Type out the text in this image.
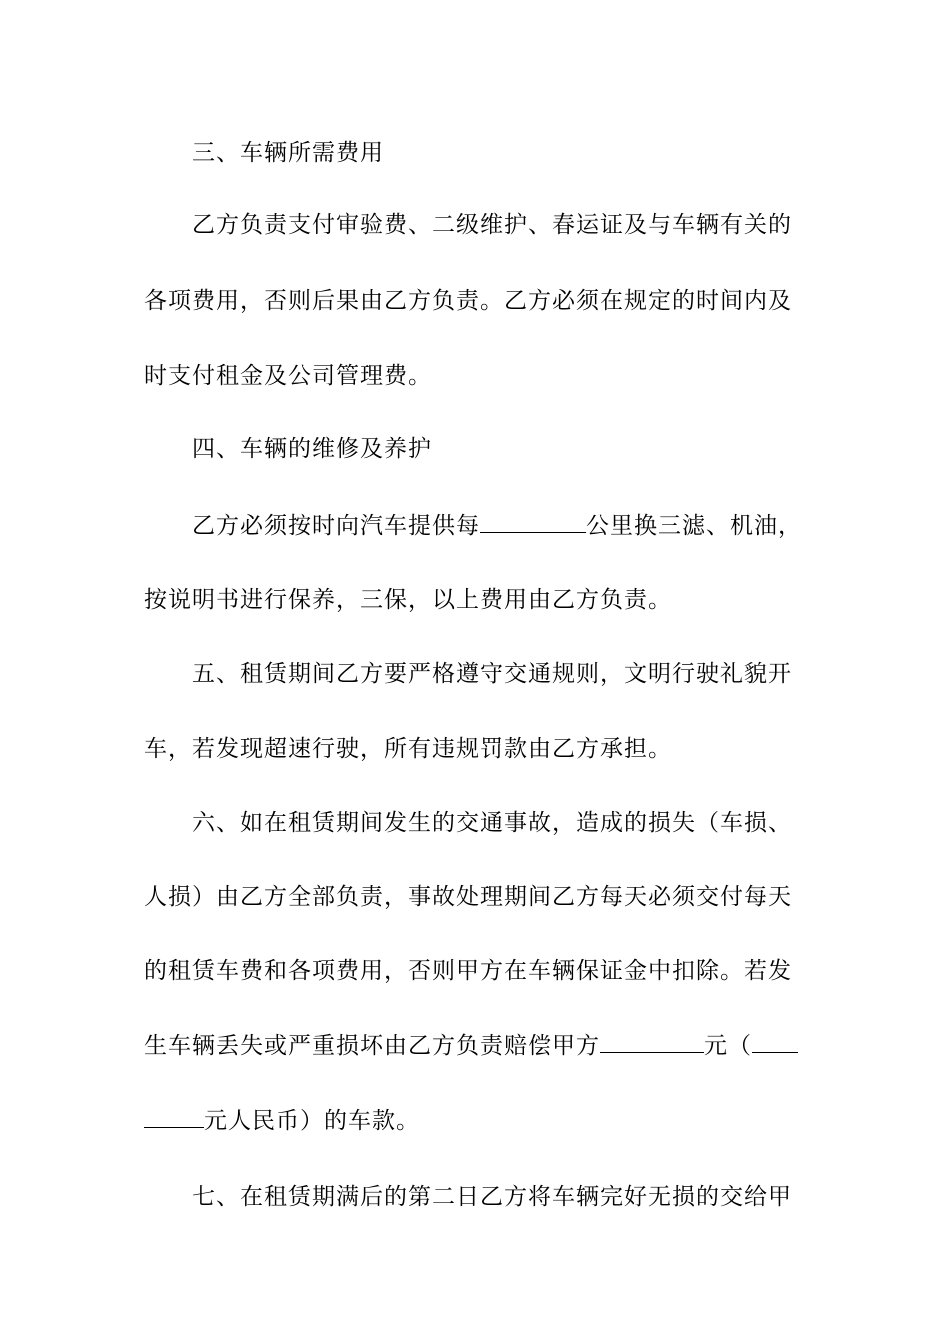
三、车辆所需费用
乙方负责支付审验费、二级维护、春运证及与车辆有关的
各项费用，否则后果由乙方负责。乙方必须在规定的时间内及
时支付租金及公司管理费。
四、车辆的维修及养护
乙方必须按时向汽车提供每	公里换三滤、机油，
按说明书进行保养，三保，以上费用由乙方负责。
五、租赁期间乙方要严格遵守交通规则，文明行驶礼貌开
车，若发现超速行驶，所有违规罚款由乙方承担。
六、如在租赁期间发生的交通事故，造成的损失（车损、
人损）由乙方全部负责，事故处理期间乙方每天必须交付每天
的租赁车费和各项费用，否则甲方在车辆保证金中扣除。若发
生车辆丢失或严重损坏由乙方负责赔偿甲方	元（
元人民币）的车款。
七、在租赁期满后的第二日乙方将车辆完好无损的交给甲
